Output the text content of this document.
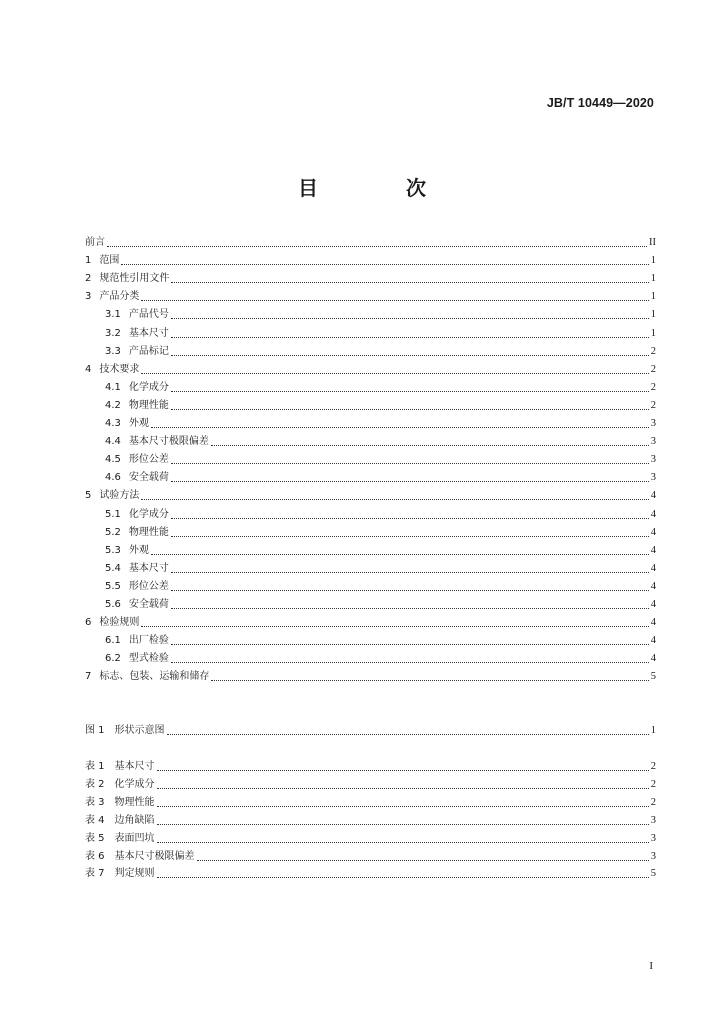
JB/T 10449—2020
目　次
前言	II
1 范围	1
2 规范性引用文件	1
3 产品分类	1
3.1 产品代号	1
3.2 基本尺寸	1
3.3 产品标记	2
4 技术要求	2
4.1 化学成分	2
4.2 物理性能	2
4.3 外观	3
4.4 基本尺寸极限偏差	3
4.5 形位公差	3
4.6 安全载荷	3
5 试验方法	4
5.1 化学成分	4
5.2 物理性能	4
5.3 外观	4
5.4 基本尺寸	4
5.5 形位公差	4
5.6 安全载荷	4
6 检验规则	4
6.1 出厂检验	4
6.2 型式检验	4
7 标志、包装、运输和储存	5
图 1 形状示意图	1
表 1 基本尺寸	2
表 2 化学成分	2
表 3 物理性能	2
表 4 边角缺陷	3
表 5 表面凹坑	3
表 6 基本尺寸极限偏差	3
表 7 判定规则	5
I
